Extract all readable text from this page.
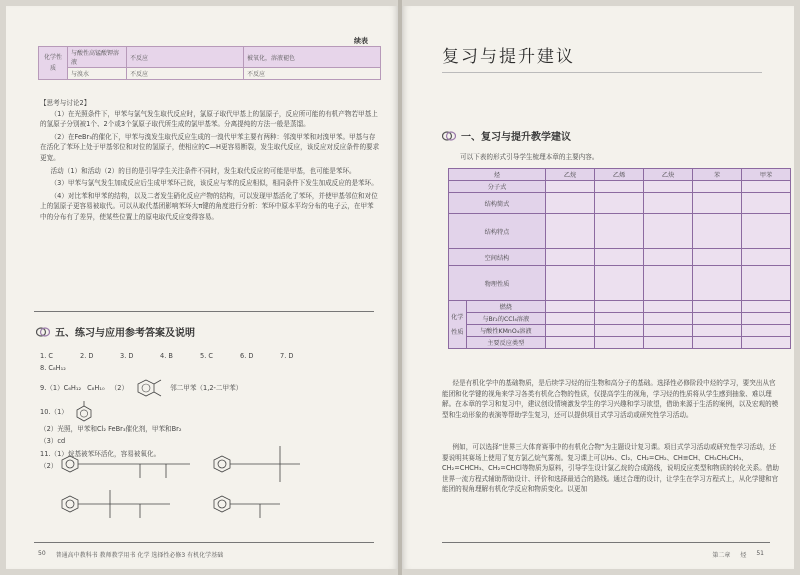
续表
化学性质	与酸性高锰酸钾溶液	不反应	被氧化，溶液褪色
	与溴水	不反应	不反应
【思考与讨论2】
（1）在光照条件下，甲苯与氯气发生取代反应时，氯原子取代甲基上的氢原子，反应所可能的有机产物若甲基上的氢原子分别被1个、2个或3个氯原子取代所生成的氯甲基苯。分离提纯的方法一般是蒸馏。
（2）在FeBr₃的催化下，甲苯与溴发生取代反应生成的一溴代甲苯主要有两种：邻溴甲苯和对溴甲苯。甲基与存在活化了苯环上处于甲基邻位和对位的氢原子，使相应的C—H更容易断裂，发生取代反应，该反应对反应条件的要求更宽。
活动（1）和活动（2）的目的是引导学生关注条件不同时，发生取代反应的可能是甲基，也可能是苯环。
（3）甲苯与氯气发生加成反应后生成甲苯环己烷，该反应与苯的反应相似，相同条件下发生加成反应的是苯环。
（4）对比苯和甲苯的结构，以及二者发生硝化反应产物的结构，可以发现甲基活化了苯环，并使甲基邻位和对位上的氢原子更容易被取代。可以从取代基团影响苯环大π键的角度进行分析：苯环中原本平均分布的电子云，在甲苯中的分布有了差异，使某些位置上的原电取代反应变得容易。
五、练习与应用参考答案及说明
1. C	2. D	3. D	4. B	5. C	6. D	7. D
8. C₈H₁₂
9.（1）C₆H₁₂ C₈H₁₀ （2）	邻二甲苯（1,2-二甲苯）
10.（1）
（2）光照，甲苯和Cl₂ FeBr₃催化剂，甲苯和Br₂
（3）cd
11.（1）烷基被苯环活化，容易被氧化。
（2）
50 普通高中教科书 教师教学用书 化学 选择性必修3 有机化学基础
复习与提升建议
一、复习与提升教学建议
可以下表的形式引导学生梳理本章的主要内容。
烃		乙烷	乙烯	乙炔	苯	甲苯
分子式						
结构简式						
结构特点						
空间结构						
物理性质						
化学性质	燃烧					
	与Br₂的CCl₄溶液					
	与酸性KMnO₄溶液					
	主要反应类型					
烃是有机化学中的基础物质，是后续学习烃的衍生物和高分子的基础。选择性必修阶段中烃的学习，要突出从官能团和化学键的视角来学习各类有机化合物的性质，仅提高学生的视角，学习烃的性质将从学生感到抽象、难以理解。在本章的学习和复习中，建议创设情境激发学生的学习兴趣和学习欲望，借助来源于生活的案例，以及宏观的模型和生动形象的表演等帮助学生复习，还可以提供项目式学习活动或研究性学习活动。
例如，可以选择“世界三大体育赛事中的有机化合物”为主题设计复习课。项目式学习活动或研究性学习活动，还要说明其赛场上使用了复方氯乙烷气雾剂。复习课上可以H₂、Cl₂、CH₂=CH₂、CH≡CH、CH₃CH₂CH₃、CH₂=CHCH₃、CH₂=CHCl等物质为原料，引导学生设计氯乙烷的合成路线，说明反应类型和物质的转化关系。借助世界一流方程式辅助帮助设计、评价和选择最适合的路线。通过合理的设计，让学生在学习方程式上，从化学键和官能团的视角理解有机化学反应和物质变化。以更加
第二章 烃 51
